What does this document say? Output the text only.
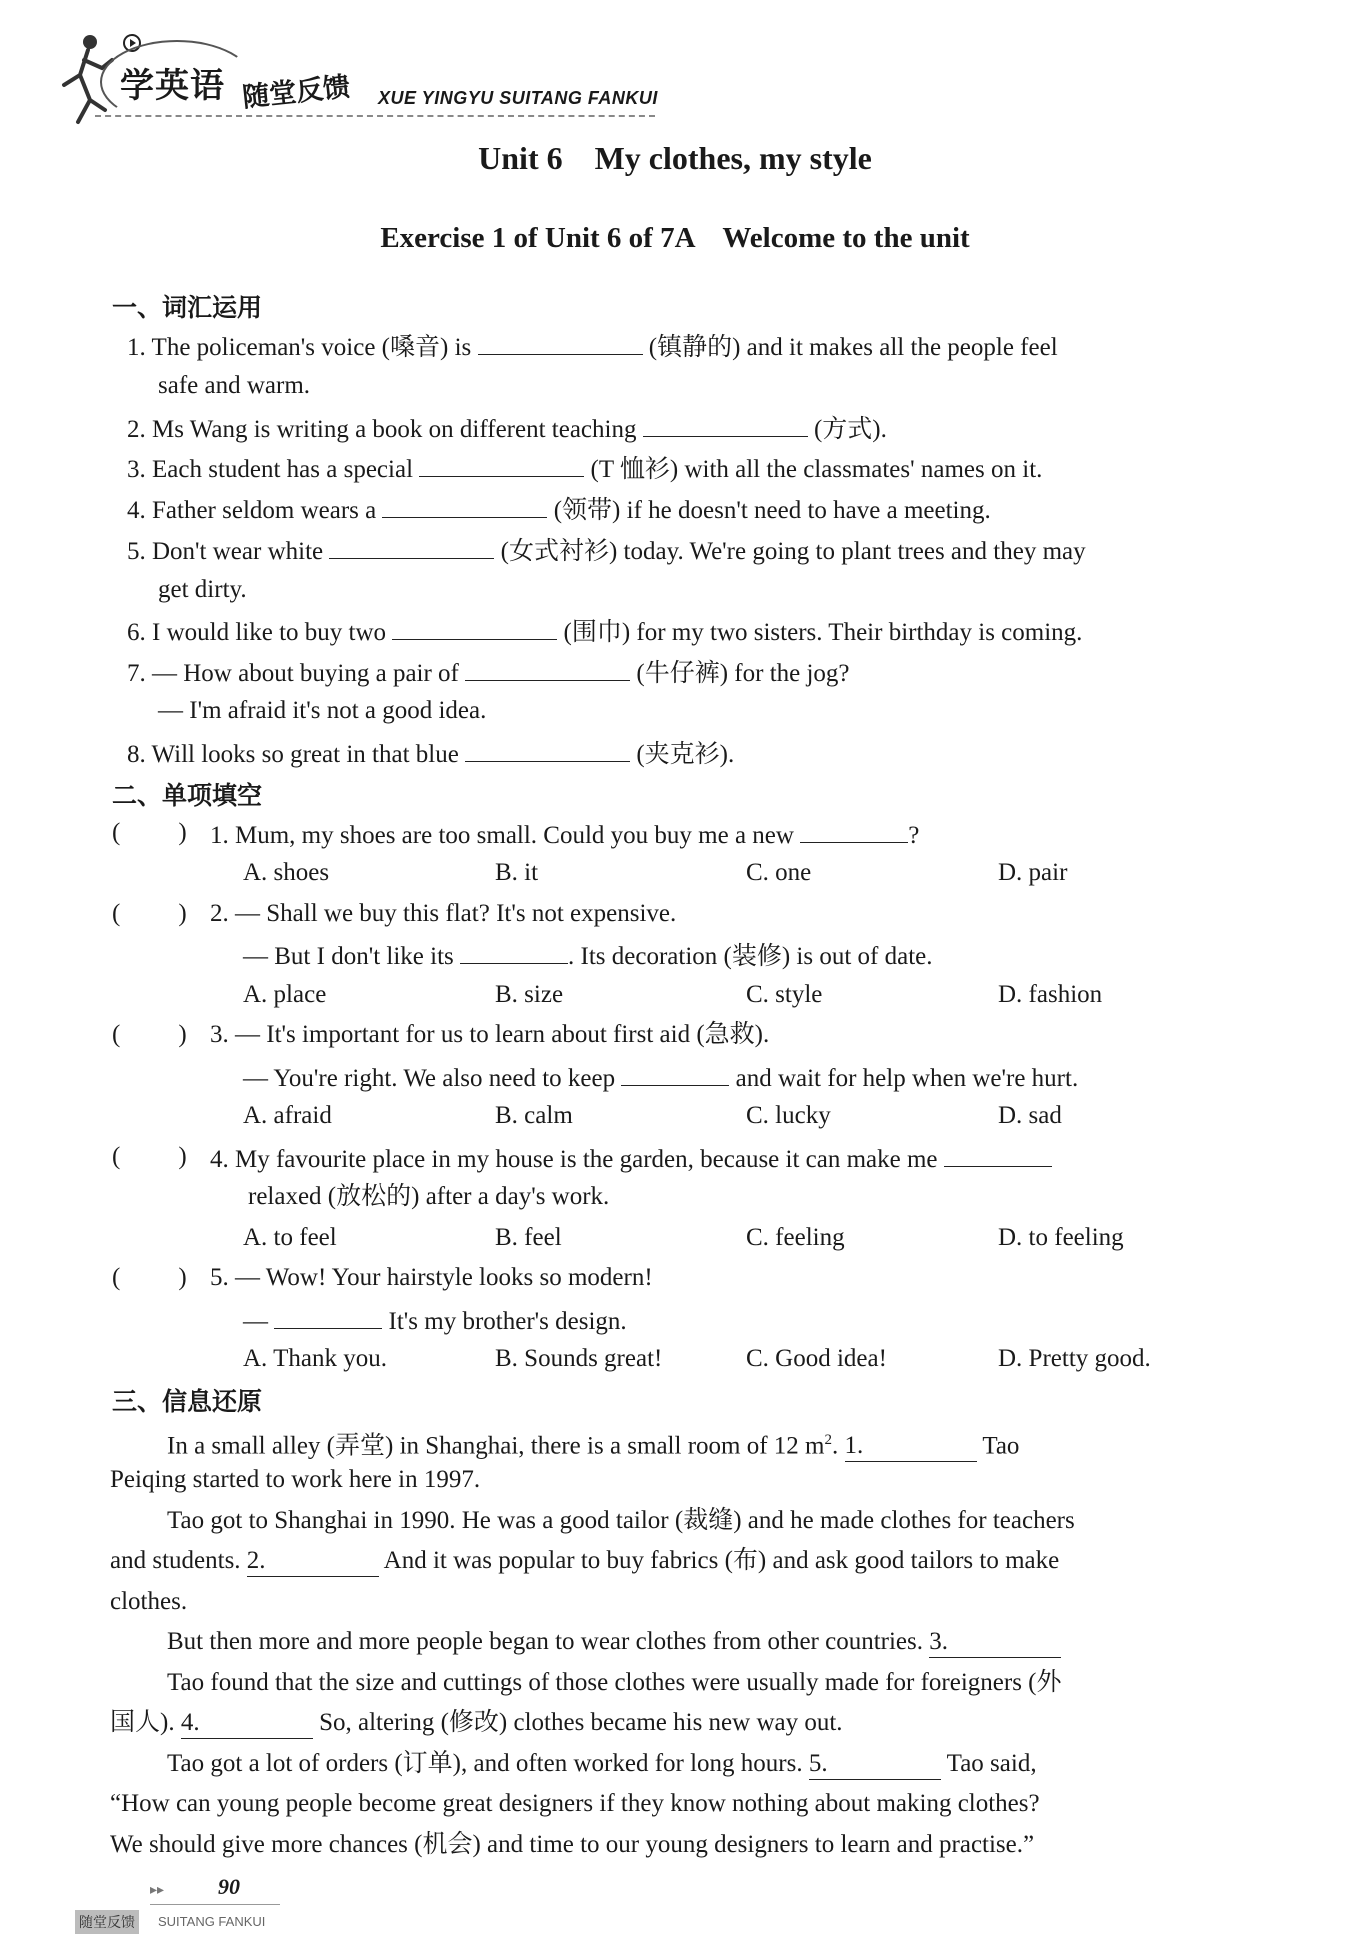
学英语 随堂反馈 XUE YINGYU SUITANG FANKUI
Unit 6    My clothes, my style
Exercise 1 of Unit 6 of 7A    Welcome to the unit
一、词汇运用
1. The policeman's voice (嗓音) is	(镇静的) and it makes all the people feel
safe and warm.
2. Ms Wang is writing a book on different teaching	(方式).
3. Each student has a special	(T 恤衫) with all the classmates' names on it.
4. Father seldom wears a	(领带) if he doesn't need to have a meeting.
5. Don't wear white	(女式衬衫) today. We're going to plant trees and they may
get dirty.
6. I would like to buy two	(围巾) for my two sisters. Their birthday is coming.
7. — How about buying a pair of	(牛仔裤) for the jog?
— I'm afraid it's not a good idea.
8. Will looks so great in that blue	(夹克衫).
二、单项填空
( ) 1. Mum, my shoes are too small. Could you buy me a new	?
A. shoes	B. it	C. one	D. pair
( ) 2. — Shall we buy this flat? It's not expensive.
— But I don't like its	. Its decoration (装修) is out of date.
A. place	B. size	C. style	D. fashion
( ) 3. — It's important for us to learn about first aid (急救).
— You're right. We also need to keep	and wait for help when we're hurt.
A. afraid	B. calm	C. lucky	D. sad
( ) 4. My favourite place in my house is the garden, because it can make me
relaxed (放松的) after a day's work.
A. to feel	B. feel	C. feeling	D. to feeling
( ) 5. — Wow! Your hairstyle looks so modern!
—	It's my brother's design.
A. Thank you.	B. Sounds great!	C. Good idea!	D. Pretty good.
三、信息还原
In a small alley (弄堂) in Shanghai, there is a small room of 12 $m^2$. 1.	Tao
Peiqing started to work here in 1997.
Tao got to Shanghai in 1990. He was a good tailor (裁缝) and he made clothes for teachers
and students. 2.	And it was popular to buy fabrics (布) and ask good tailors to make
clothes.
But then more and more people began to wear clothes from other countries. 3.
Tao found that the size and cuttings of those clothes were usually made for foreigners (外
国人). 4.	So, altering (修改) clothes became his new way out.
Tao got a lot of orders (订单), and often worked for long hours. 5.	Tao said,
“How can young people become great designers if they know nothing about making clothes?
We should give more chances (机会) and time to our young designers to learn and practise.”
▸▸ 90
随堂反馈	SUITANG FANKUI
